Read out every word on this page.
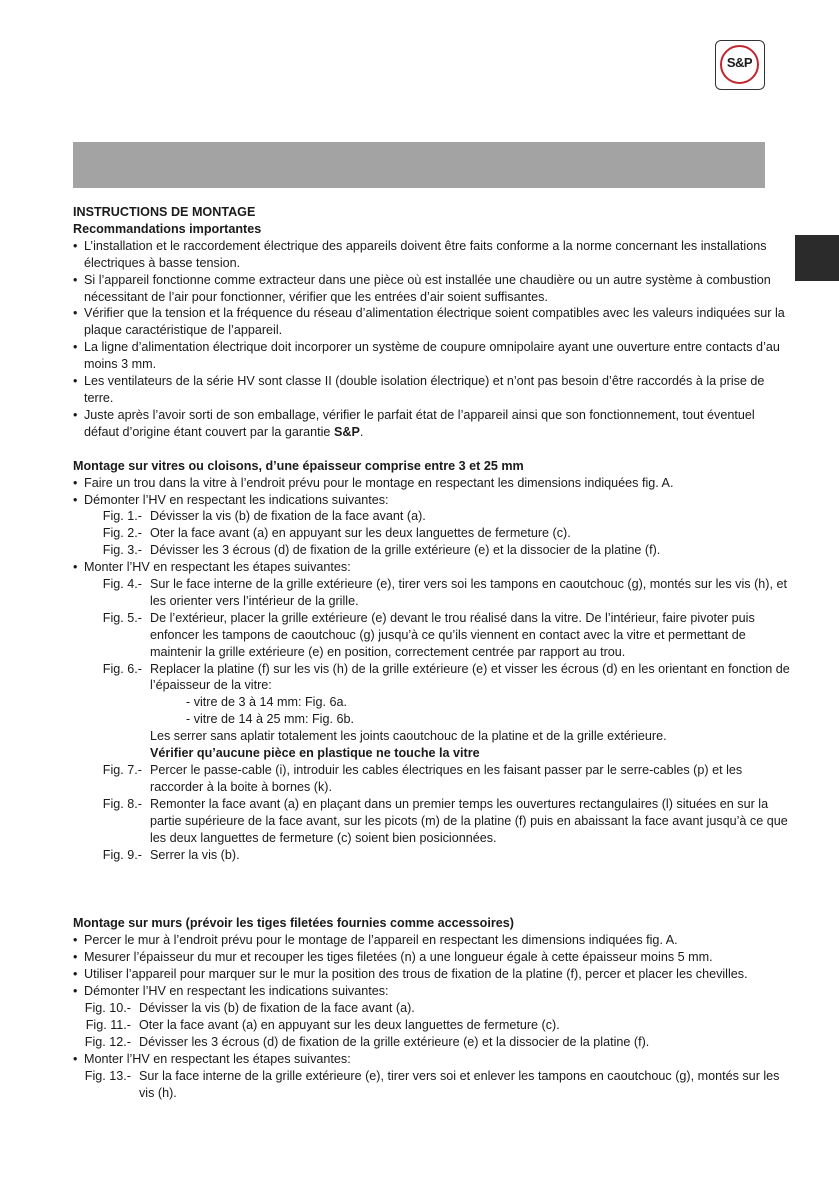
S&P
INSTRUCTIONS DE MONTAGE
Recommandations importantes
• L’installation et le raccordement électrique des appareils doivent être faits conforme a la norme concernant les installations électriques à basse tension.
• Si l’appareil fonctionne comme extracteur dans une pièce où est installée une chaudière ou un autre système à combustion nécessitant de l’air pour fonctionner, vérifier que les entrées d’air soient suffisantes.
• Vérifier que la tension et la fréquence du réseau d’alimentation électrique soient compatibles avec les valeurs indiquées sur la plaque caractéristique de l’appareil.
• La ligne d’alimentation électrique doit incorporer un système de coupure omnipolaire ayant une ouverture entre contacts d’au moins 3 mm.
• Les ventilateurs de la série HV sont classe II (double isolation électrique) et n’ont pas besoin d’être raccordés à la prise de terre.
• Juste après l’avoir sorti de son emballage, vérifier le parfait état de l’appareil ainsi que son fonctionnement, tout éventuel défaut d’origine étant couvert par la garantie S&P.
Montage sur vitres ou cloisons, d’une épaisseur comprise entre 3 et 25 mm
• Faire un trou dans la vitre à l’endroit prévu pour le montage en respectant les dimensions indiquées fig. A.
• Démonter l’HV en respectant les indications suivantes:
Fig. 1.- Dévisser la vis (b) de fixation de la face avant (a).
Fig. 2.- Oter la face avant (a) en appuyant sur les deux languettes de fermeture (c).
Fig. 3.- Dévisser les 3 écrous (d) de fixation de la grille extérieure (e) et la dissocier de la platine (f).
• Monter l’HV en respectant les étapes suivantes:
Fig. 4.- Sur le face interne de la grille extérieure (e), tirer vers soi les tampons en caoutchouc (g), montés sur les vis (h), et les orienter vers l’intérieur de la grille.
Fig. 5.- De l’extérieur, placer la grille extérieure (e) devant le trou réalisé dans la vitre. De l’intérieur, faire pivoter puis enfoncer les tampons de caoutchouc (g) jusqu’à ce qu’ils viennent en contact avec la vitre et permettant de maintenir la grille extérieure (e) en position, correctement centrée par rapport au trou.
Fig. 6.- Replacer la platine (f) sur les vis (h) de la grille extérieure (e) et visser les écrous (d) en les orientant en fonction de l’épaisseur de la vitre:
- vitre de 3 à 14 mm: Fig. 6a.
- vitre de 14 à 25 mm: Fig. 6b.
Les serrer sans aplatir totalement les joints caoutchouc de la platine et de la grille extérieure.
Vérifier qu’aucune pièce en plastique ne touche la vitre
Fig. 7.- Percer le passe-cable (i), introduir les cables électriques en les faisant passer par le serre-cables (p) et les raccorder à la boite à bornes (k).
Fig. 8.- Remonter la face avant (a) en plaçant dans un premier temps les ouvertures rectangulaires (l) situées en sur la partie supérieure de la face avant, sur les picots (m) de la platine (f) puis en abaissant la face avant jusqu’à ce que les deux languettes de fermeture (c) soient bien posicionnées.
Fig. 9.- Serrer la vis (b).
Montage sur murs (prévoir les tiges filetées fournies comme accessoires)
• Percer le mur à l’endroit prévu pour le montage de l’appareil en respectant les dimensions indiquées fig. A.
• Mesurer l’épaisseur du mur et recouper les tiges filetées (n) a une longueur égale à cette épaisseur moins 5 mm.
• Utiliser l’appareil pour marquer sur le mur la position des trous de fixation de la platine (f), percer et placer les chevilles.
• Démonter l’HV en respectant les indications suivantes:
Fig. 10.- Dévisser la vis (b) de fixation de la face avant (a).
Fig. 11.- Oter la face avant (a) en appuyant sur les deux languettes de fermeture (c).
Fig. 12.- Dévisser les 3 écrous (d) de fixation de la grille extérieure (e) et la dissocier de la platine (f).
• Monter l’HV en respectant les étapes suivantes:
Fig. 13.- Sur la face interne de la grille extérieure (e), tirer vers soi et enlever les tampons en caoutchouc (g), montés sur les vis (h).
